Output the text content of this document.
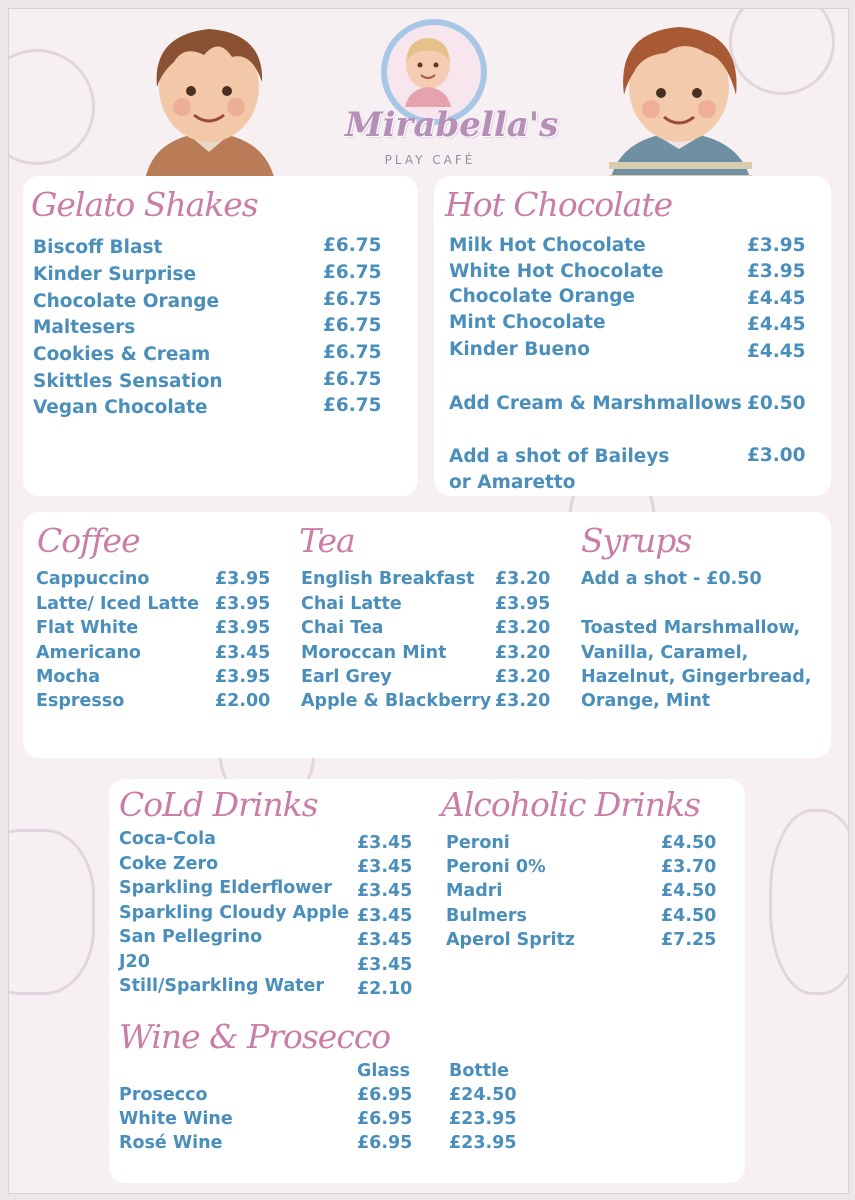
Mirabella's
PLAY CAFÉ
Gelato Shakes
Biscoff Blast	£6.75
Kinder Surprise	£6.75
Chocolate Orange	£6.75
Maltesers	£6.75
Cookies & Cream	£6.75
Skittles Sensation	£6.75
Vegan Chocolate	£6.75
Hot Chocolate
Milk Hot Chocolate	£3.95
White Hot Chocolate	£3.95
Chocolate Orange	£4.45
Mint Chocolate	£4.45
Kinder Bueno	£4.45
Add Cream & Marshmallows £0.50
Add a shot of Baileys
or Amaretto
£3.00
Coffee
Cappuccino	£3.95
Latte/ Iced Latte £3.95
Flat White	£3.95
Americano	£3.45
Mocha	£3.95
Espresso	£2.00
Tea
English Breakfast £3.20
Chai Latte	£3.95
Chai Tea	£3.20
Moroccan Mint	£3.20
Earl Grey	£3.20
Apple & Blackberry £3.20
Syrups
Add a shot - £0.50
Toasted Marshmallow,
Vanilla, Caramel,
Hazelnut, Gingerbread,
Orange, Mint
CoLd Drinks
Coca-Cola	£3.45
Coke Zero	£3.45
Sparkling Elderflower £3.45
Sparkling Cloudy Apple £3.45
San Pellegrino	£3.45
J20	£3.45
Still/Sparkling Water £2.10
Alcoholic Drinks
Peroni	£4.50
Peroni 0%	£3.70
Madri	£4.50
Bulmers	£4.50
Aperol Spritz	£7.25
Wine & Prosecco
Glass Bottle
Prosecco	£6.95 £24.50
White Wine	£6.95 £23.95
Rosé Wine	£6.95 £23.95
